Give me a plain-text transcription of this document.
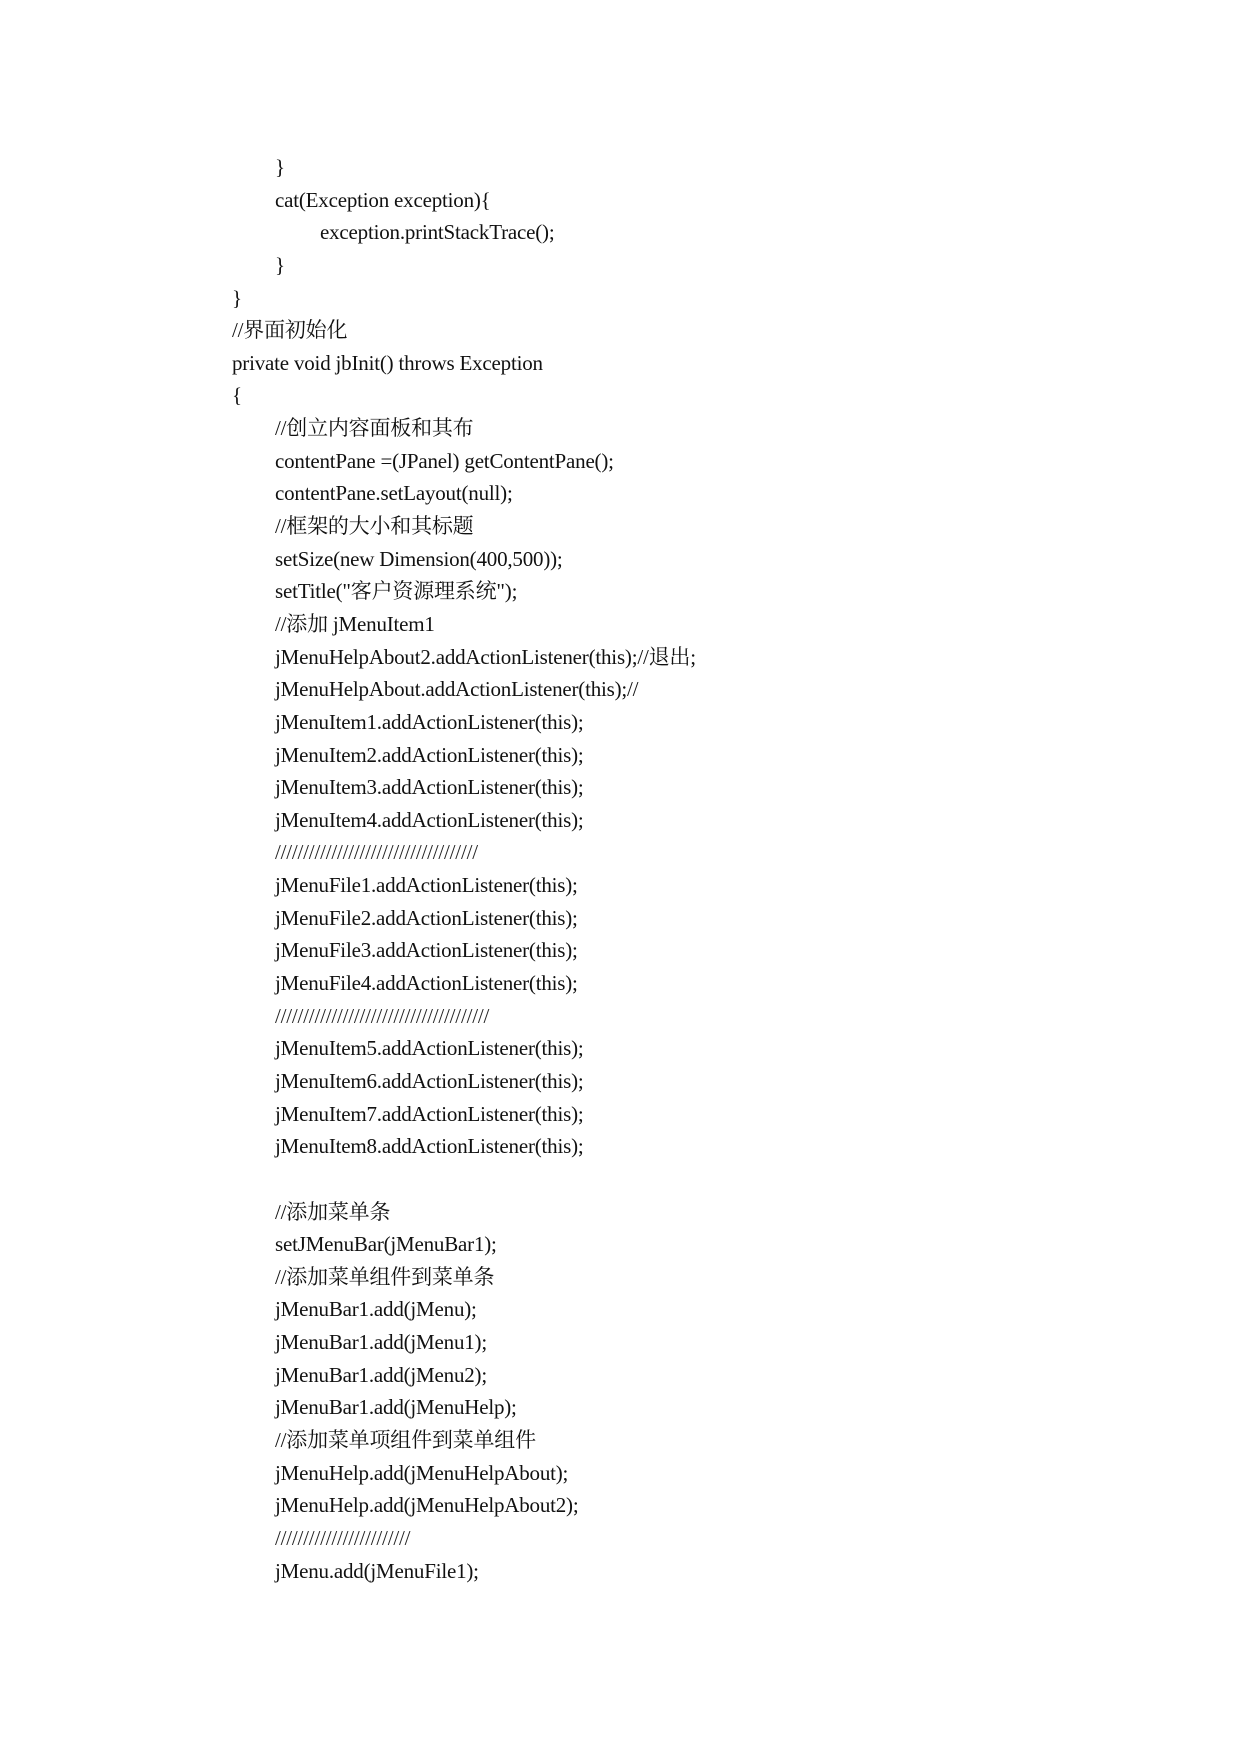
}
cat(Exception exception){
exception.printStackTrace();
}
}
//界面初始化
private void jbInit() throws Exception
{
//创立内容面板和其布
contentPane =(JPanel) getContentPane();
contentPane.setLayout(null);
//框架的大小和其标题
setSize(new Dimension(400,500));
setTitle("客户资源理系统");
//添加 jMenuItem1
jMenuHelpAbout2.addActionListener(this);//退出;
jMenuHelpAbout.addActionListener(this);//
jMenuItem1.addActionListener(this);
jMenuItem2.addActionListener(this);
jMenuItem3.addActionListener(this);
jMenuItem4.addActionListener(this);
////////////////////////////////////
jMenuFile1.addActionListener(this);
jMenuFile2.addActionListener(this);
jMenuFile3.addActionListener(this);
jMenuFile4.addActionListener(this);
//////////////////////////////////////
jMenuItem5.addActionListener(this);
jMenuItem6.addActionListener(this);
jMenuItem7.addActionListener(this);
jMenuItem8.addActionListener(this);
//添加菜单条
setJMenuBar(jMenuBar1);
//添加菜单组件到菜单条
jMenuBar1.add(jMenu);
jMenuBar1.add(jMenu1);
jMenuBar1.add(jMenu2);
jMenuBar1.add(jMenuHelp);
//添加菜单项组件到菜单组件
jMenuHelp.add(jMenuHelpAbout);
jMenuHelp.add(jMenuHelpAbout2);
////////////////////////
jMenu.add(jMenuFile1);
